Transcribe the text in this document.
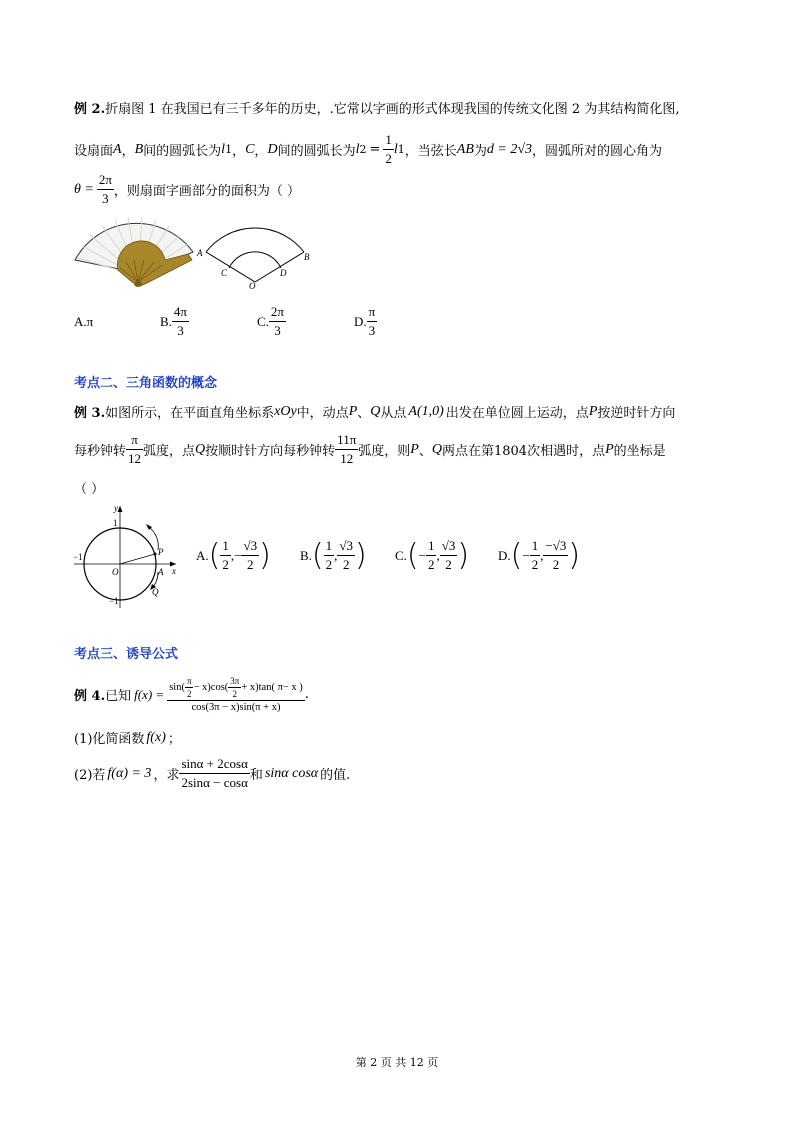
例 2.折扇图 1 在我国已有三千多年的历史，.它常以字画的形式体现我国的传统文化图 2 为其结构简化图,
设扇面 A ， B 间的圆弧长为 l 1 ， C ， D 间的圆弧长为 l $2 = \frac{1}{2}$ l 1 ，当弦长 AB 为 d = 2√3 ，圆弧所对的圆心角为
$\theta = \frac{2\pi}{3}$ ，则扇面字画部分的面积为（ ）
A	B
C	D
O
A. π	B. $\frac{4\pi}{3}$	C. $\frac{2\pi}{3}$	D. $\frac{\pi}{3}$
考点二、三角函数的概念
例 3. 如图所示，在平面直角坐标系 xOy 中，动点 P 、 Q 从点 A(1,0) 出发在单位圆上运动，点 P 按逆时针方向
每秒钟转 $\frac{\pi}{12}$ 弧度，点 Q 按顺时针方向每秒钟转 $\frac{11\pi}{12}$ 弧度，则 P 、 Q 两点在第1804次相遇时，点 P 的坐标是
（ ）
y
x
1
−1
−1
O	A
P
Q
A. ( $\frac{1}{2}$ , − $\frac{√3}{2}$ ) B. ( $\frac{1}{2}$ , $\frac{√3}{2}$ ) C. ( − $\frac{1}{2}$ , $\frac{√3}{2}$ ) D. ( − $\frac{1}{2}$ , $\frac{-√3}{2}$ )
考点三、诱导公式
例 4. 已知 $f(x) = \frac{\sin( \frac{\pi}{2} - x)\cos( \frac{3\pi}{2} + x)\tan( \pi- x )}{\cos(3\pi - x)\sin(\pi + x)}$ .
(1)化简函数 f(x) ；
(2)若 f(α) = 3 ，求 $\frac{\sin\alpha + 2\cos\alpha}{2\sin\alpha - \cos\alpha}$ 和 sinα cosα 的值.
第 2 页 共 12 页
